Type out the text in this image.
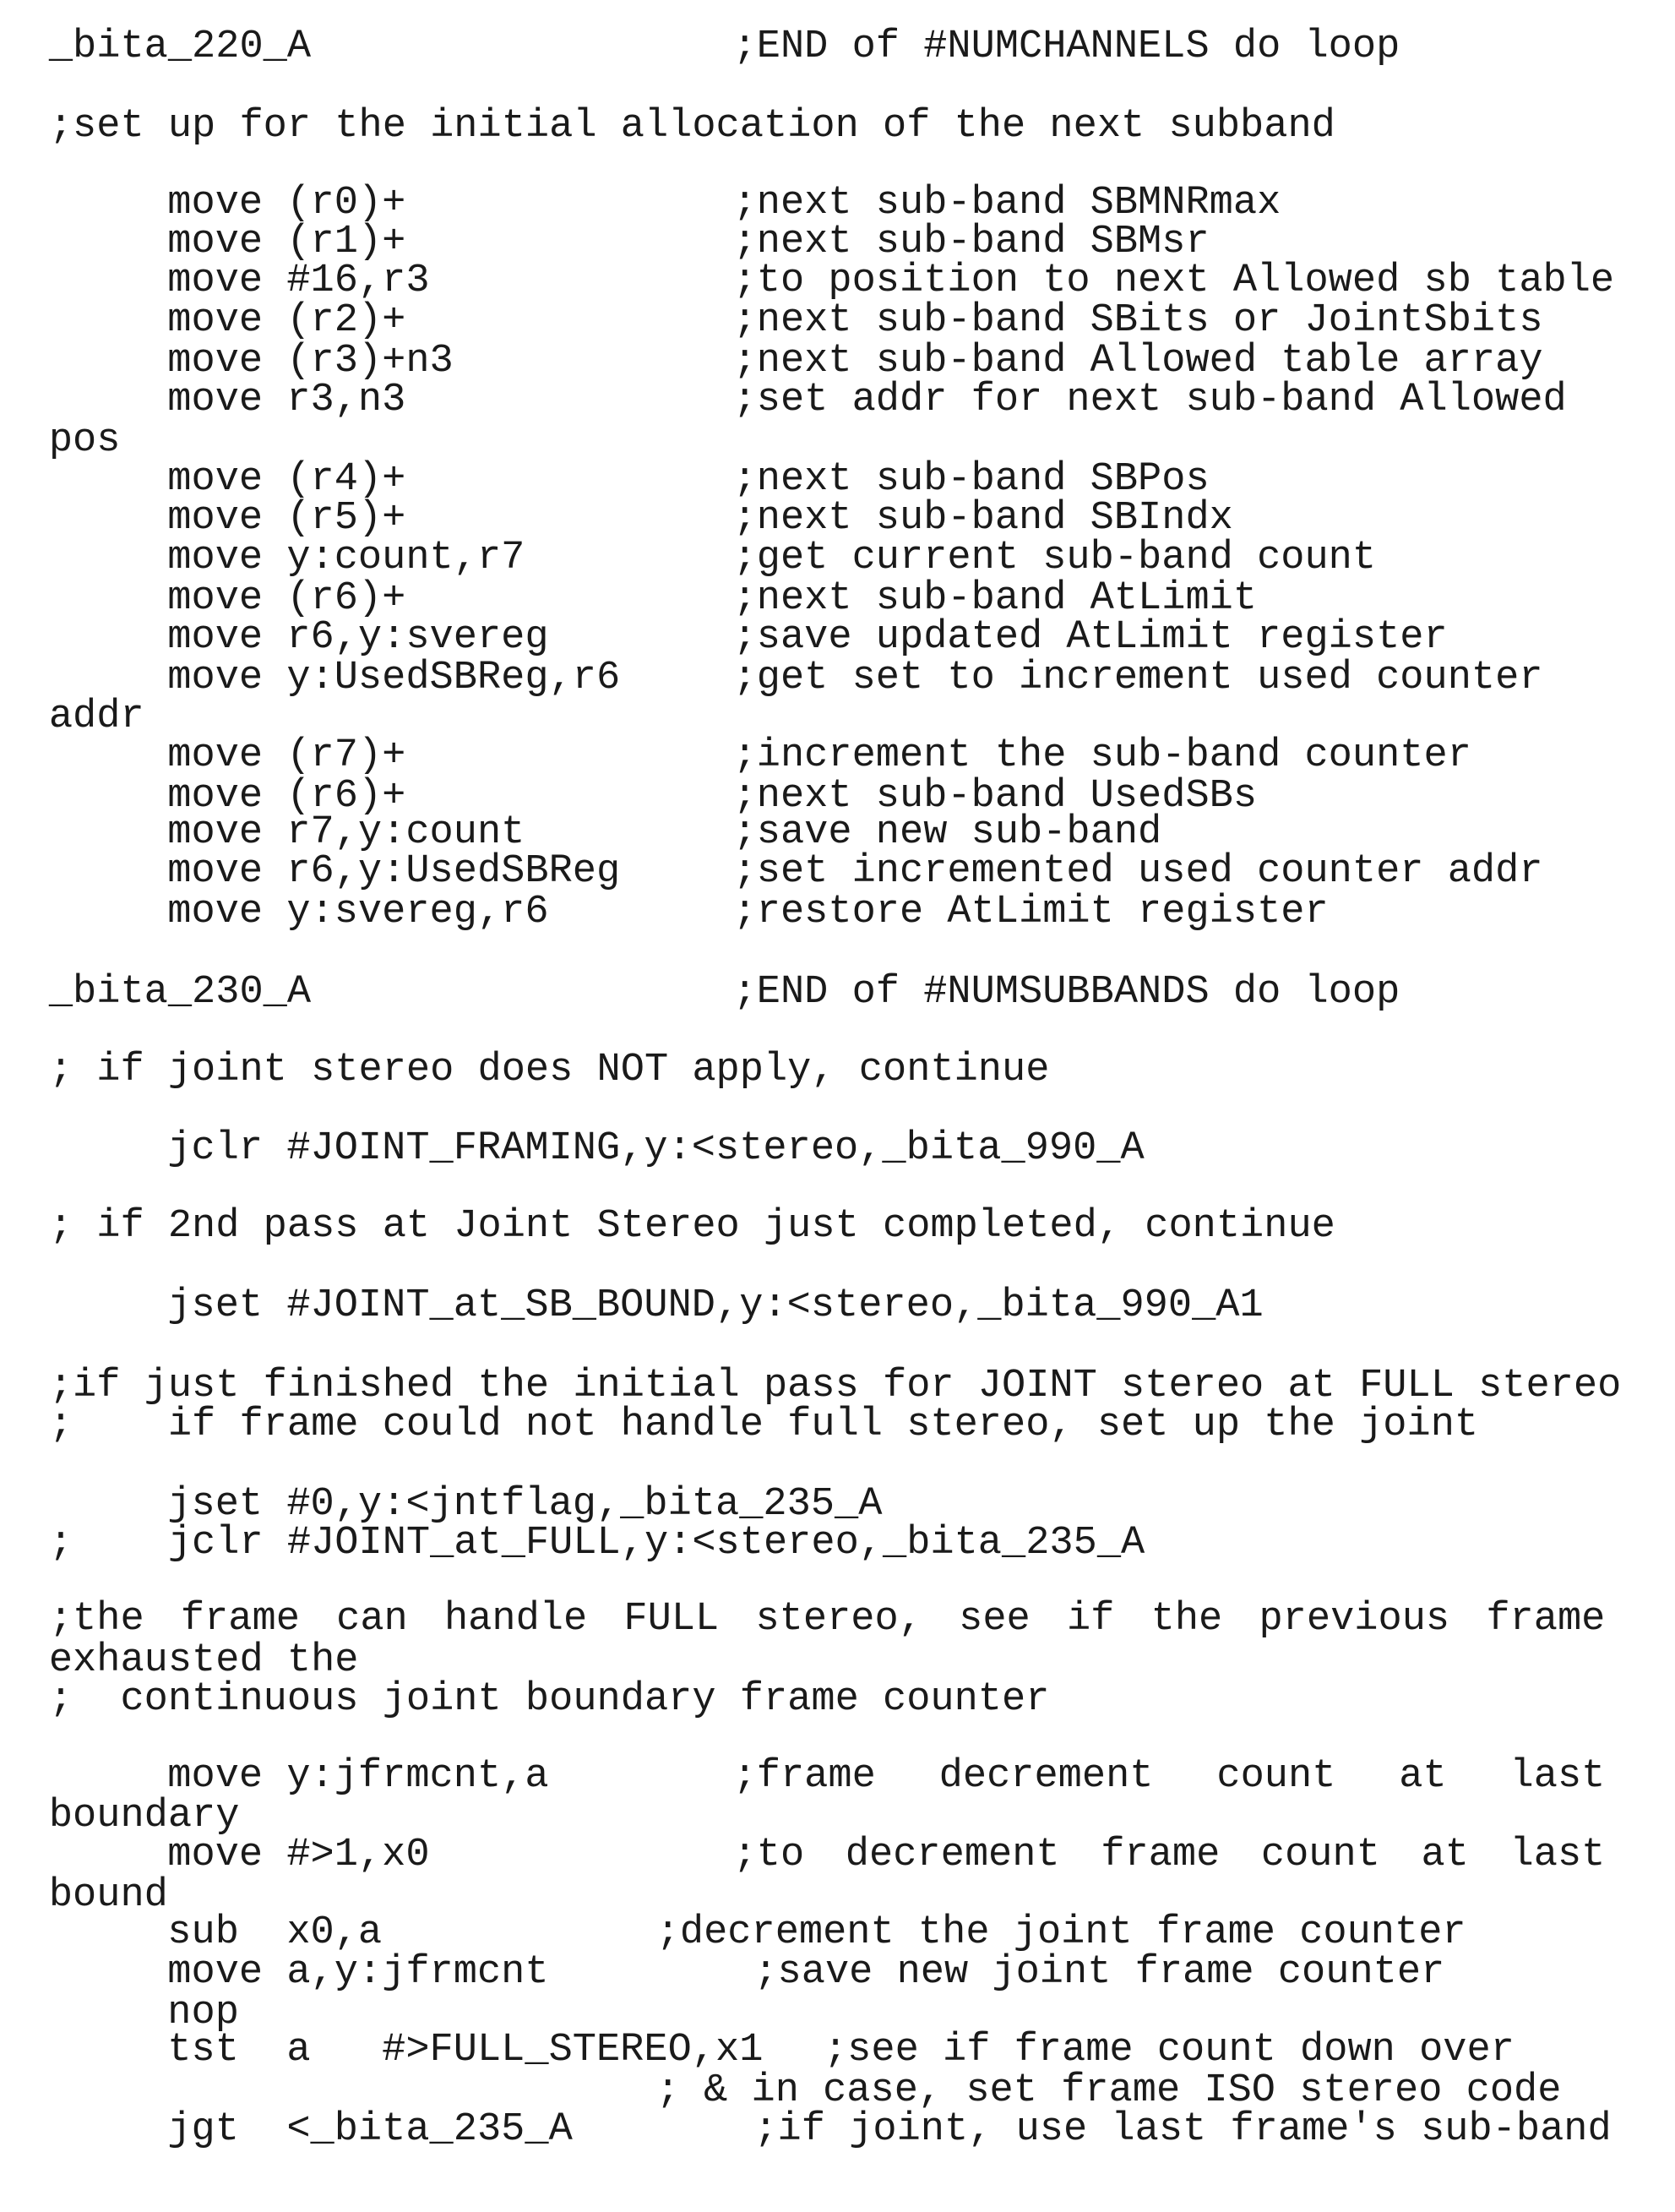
_bita_220_A	;END of #NUMCHANNELS do loop
;set up for the initial allocation of the next subband
move (r0)+	;next sub-band SBMNRmax
move (r1)+	;next sub-band SBMsr
move #16,r3	;to position to next Allowed sb table
move (r2)+	;next sub-band SBits or JointSbits
move (r3)+n3	;next sub-band Allowed table array
move r3,n3	;set addr for next sub-band Allowed
pos
move (r4)+	;next sub-band SBPos
move (r5)+	;next sub-band SBIndx
move y:count,r7	;get current sub-band count
move (r6)+	;next sub-band AtLimit
move r6,y:svereg	;save updated AtLimit register
move y:UsedSBReg,r6	;get set to increment used counter
addr
move (r7)+	;increment the sub-band counter
move (r6)+	;next sub-band UsedSBs
move r7,y:count	;save new sub-band
move r6,y:UsedSBReg	;set incremented used counter addr
move y:svereg,r6	;restore AtLimit register
_bita_230_A	;END of #NUMSUBBANDS do loop
; if joint stereo does NOT apply, continue
jclr #JOINT_FRAMING,y:<stereo,_bita_990_A
; if 2nd pass at Joint Stereo just completed, continue
jset #JOINT_at_SB_BOUND,y:<stereo,_bita_990_A1
;if just finished the initial pass for JOINT stereo at FULL stereo
;    if frame could not handle full stereo, set up the joint
jset #0,y:<jntflag,_bita_235_A
;    jclr #JOINT_at_FULL,y:<stereo,_bita_235_A
;the frame can handle FULL stereo, see if the previous frame
exhausted the
;  continuous joint boundary frame counter
move y:jfrmcnt,a	;frame decrement count at last
boundary
move #>1,x0	;to decrement frame count at last
bound
sub  x0,a	;decrement the joint frame counter
move a,y:jfrmcnt	;save new joint frame counter
nop
tst  a   #>FULL_STEREO,x1 ;see if frame count down over
; & in case, set frame ISO stereo code
jgt  <_bita_235_A	;if joint, use last frame's sub-band
